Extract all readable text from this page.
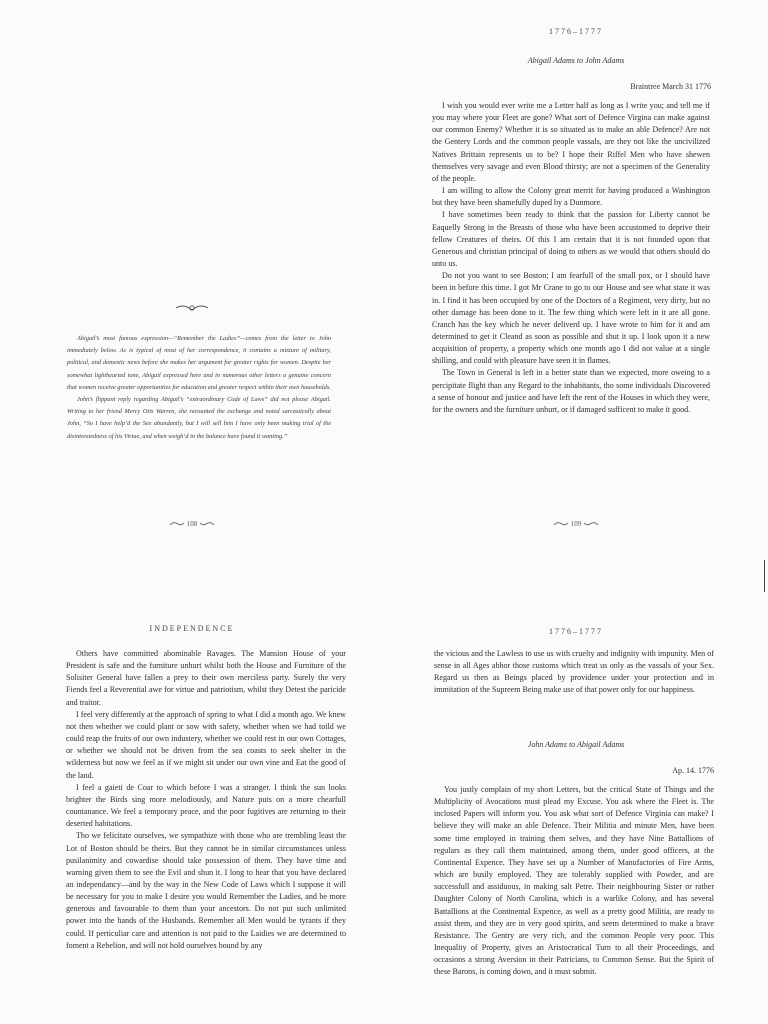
Abigail’s most famous expression—“Remember the Ladies”—comes from the letter to John immediately below. As is typical of most of her correspondence, it contains a mixture of military, political, and domestic news before she makes her argument for greater rights for women. Despite her somewhat lighthearted tone, Abigail expressed here and in numerous other letters a genuine concern that women receive greater opportunities for education and greater respect within their own households.

John’s flippant reply regarding Abigail’s “extraordinary Code of Laws” did not please Abigail. Writing to her friend Mercy Otis Warren, she recounted the exchange and noted sarcastically about John, “So I have help’d the Sex abundantly, but I will sell him I have only been making trial of the disintrestedness of his Virtue, and when weigh’d in the balance have found it wanting.”

108
1776–1777
Abigail Adams to John Adams
Braintree March 31 1776

I wish you would ever write me a Letter half as long as I write you; and tell me if you may where your Fleet are gone? What sort of Defence Virgina can make against our common Enemy? Whether it is so situated as to make an able Defence? Are not the Gentery Lords and the common people vassals, are they not like the uncivilized Natives Brittain represents us to be? I hope their Riffel Men who have shewen themselves very savage and even Blood thirsty; are not a specimen of the Generality of the people.

I am willing to allow the Colony great merrit for having produced a Washington but they have been shamefully duped by a Dunmore.

I have sometimes been ready to think that the passion for Liberty cannot be Eaquelly Strong in the Breasts of those who have been accustomed to deprive their fellow Creatures of theirs. Of this I am certain that it is not founded upon that Generous and christian principal of doing to others as we would that others should do unto us.

Do not you want to see Boston; I am fearfull of the small pox, or I should have been in before this time. I got Mr Crane to go to our House and see what state it was in. I find it has been occupied by one of the Doctors of a Regiment, very dirty, but no other damage has been done to it. The few thing which were left in it are all gone. Cranch has the key which he never deliverd up. I have wrote to him for it and am determined to get it Cleand as soon as possible and shut it up. I look upon it a new acquisition of property, a property which one month ago I did not value at a single shilling, and could with pleasure have seen it in flames.

The Town in General is left in a better state than we expected, more oweing to a percipitate flight than any Regard to the inhabitants, tho some individuals Discovered a sense of honour and justice and have left the rent of the Houses in which they were, for the owners and the furniture unhurt, or if damaged sufficent to make it good.

109
INDEPENDENCE

Others have committed abominable Ravages. The Mansion House of your President is safe and the furniture unhurt whilst both the House and Furniture of the Solisiter General have fallen a prey to their own merciless party. Surely the very Fiends feel a Reverential awe for virtue and patriotism, whilst they Detest the paricide and traitor.

I feel very differently at the approach of spring to what I did a month ago. We knew not then whether we could plant or sow with safety, whether when we had toild we could reap the fruits of our own industery, whether we could rest in our own Cottages, or whether we should not be driven from the sea coasts to seek shelter in the wilderness but now we feel as if we might sit under our own vine and Eat the good of the land.

I feel a gaieti de Coar to which before I was a stranger. I think the sun looks brighter the Birds sing more melodiously, and Nature puts on a more chearfull countanance. We feel a temporary peace, and the poor fugitives are returning to their deserted habitations.

Tho we felicitate ourselves, we sympathize with those who are trembling least the Lot of Boston should be theirs. But they cannot be in similar circumstances unless pusilanimity and cowardise should take possession of them. They have time and warning given them to see the Evil and shun it. I long to hear that you have declared an independancy—and by the way in the New Code of Laws which I suppose it will be necessary for you to make I desire you would Remember the Ladies, and be more generous and favourable to them than your ancestors. Do not put such unlimited power into the hands of the Husbands. Remember all Men would be tyrants if they could. If perticuliar care and attention is not paid to the Laidies we are determined to foment a Rebelion, and will not hold ourselves bound by any

1776–1777

the vicious and the Lawless to use us with cruelty and indignity with impunity. Men of sense in all Ages abhor those customs which treat us only as the vassals of your Sex. Regard us then as Beings placed by providence under your protection and in immitation of the Supreem Being make use of that power only for our happiness.

John Adams to Abigail Adams
Ap. 14. 1776

You justly complain of my short Letters, but the critical State of Things and the Multiplicity of Avocations must plead my Excuse. You ask where the Fleet is. The inclosed Papers will inform you. You ask what sort of Defence Virginia can make? I believe they will make an able Defence. Their Militia and minute Men, have been some time employed in training them selves, and they have Nine Battallions of regulars as they call them maintained, among them, under good officers, at the Continental Expence. They have set up a Number of Manufactories of Fire Arms, which are busily employed. They are tolerably supplied with Powder, and are successfull and assiduous, in making salt Petre. Their neighbouring Sister or rather Daughter Colony of North Carolina, which is a warlike Colony, and has several Battallions at the Continental Expence, as well as a pretty good Militia, are ready to assist them, and they are in very good spirits, and seem determined to make a brave Resistance. The Gentry are very rich, and the common People very poor. This Inequality of Property, gives an Aristocratical Turn to all their Proceedings, and occasions a strong Aversion in their Patricians, to Common Sense. But the Spirit of these Barons, is coming down, and it must submit.
